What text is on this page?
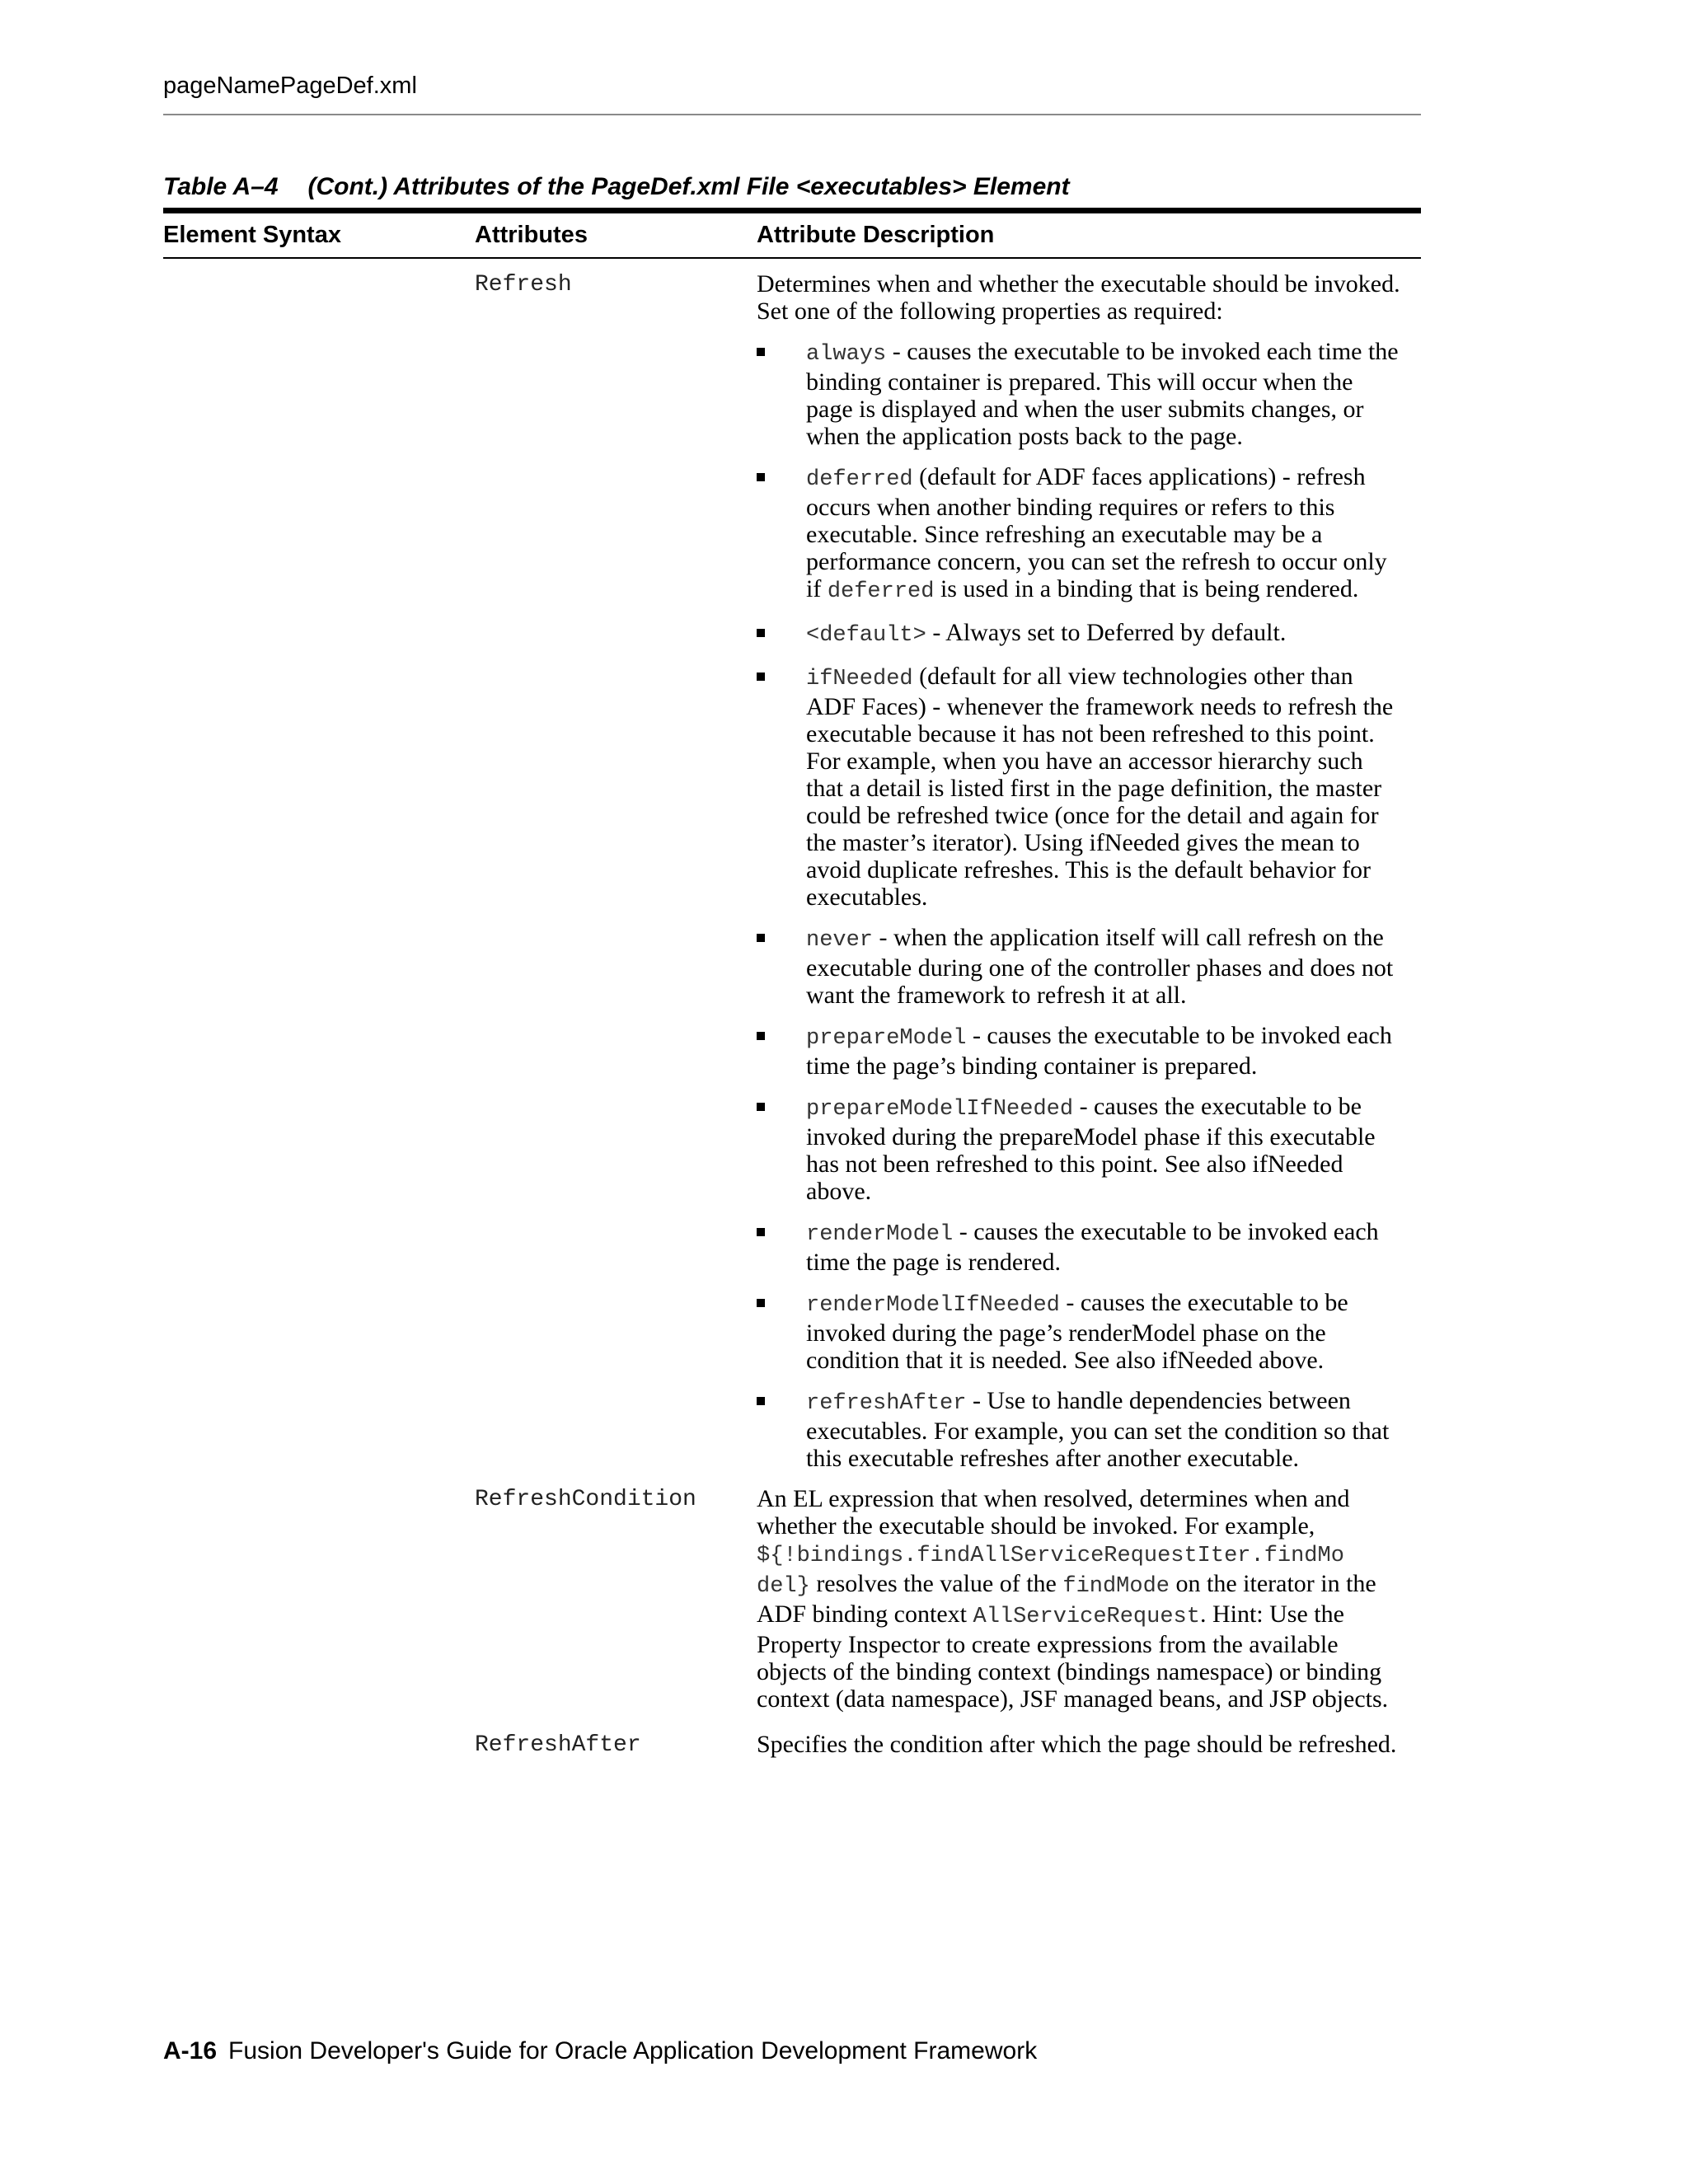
pageNamePageDef.xml
Table A–4 (Cont.) Attributes of the PageDef.xml File <executables> Element
Element Syntax	Attributes	Attribute Description
Refresh	Determines when and whether the executable should be invoked. Set one of the following properties as required:

always - causes the executable to be invoked each time the binding container is prepared. This will occur when the page is displayed and when the user submits changes, or when the application posts back to the page.
deferred (default for ADF faces applications) - refresh occurs when another binding requires or refers to this executable. Since refreshing an executable may be a performance concern, you can set the refresh to occur only if deferred is used in a binding that is being rendered.
<default> - Always set to Deferred by default.
ifNeeded (default for all view technologies other than ADF Faces) - whenever the framework needs to refresh the executable because it has not been refreshed to this point. For example, when you have an accessor hierarchy such that a detail is listed first in the page definition, the master could be refreshed twice (once for the detail and again for the master’s iterator). Using ifNeeded gives the mean to avoid duplicate refreshes. This is the default behavior for executables.
never - when the application itself will call refresh on the executable during one of the controller phases and does not want the framework to refresh it at all.
prepareModel - causes the executable to be invoked each time the page’s binding container is prepared.
prepareModelIfNeeded - causes the executable to be invoked during the prepareModel phase if this executable has not been refreshed to this point. See also ifNeeded above.
renderModel - causes the executable to be invoked each time the page is rendered.
renderModelIfNeeded - causes the executable to be invoked during the page’s renderModel phase on the condition that it is needed. See also ifNeeded above.
refreshAfter - Use to handle dependencies between executables. For example, you can set the condition so that this executable refreshes after another executable.
RefreshCondition An EL expression that when resolved, determines when and whether the executable should be invoked. For example,
${!bindings.findAllServiceRequestIter.findMo
del} resolves the value of the findMode on the iterator in the ADF binding context AllServiceRequest. Hint: Use the Property Inspector to create expressions from the available objects of the binding context (bindings namespace) or binding context (data namespace), JSF managed beans, and JSP objects.

RefreshAfter	Specifies the condition after which the page should be refreshed.

A-16 Fusion Developer's Guide for Oracle Application Development Framework
